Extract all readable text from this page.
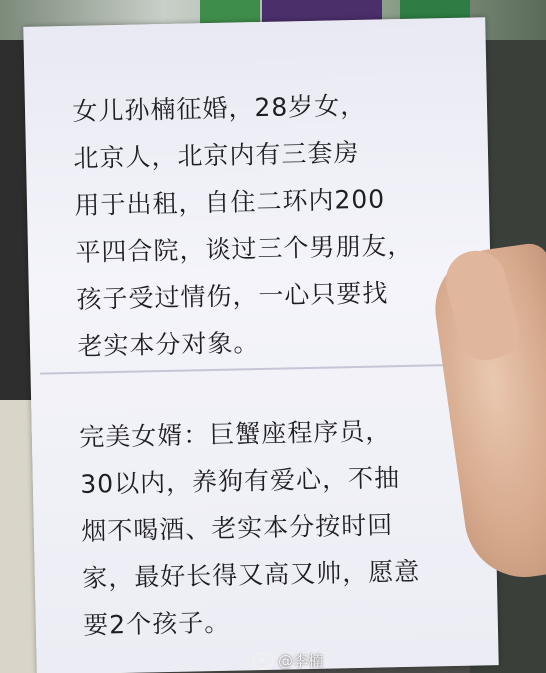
女儿孙楠征婚，28岁女，
北京人，北京内有三套房
用于出租，自住二环内200
平四合院，谈过三个男朋友，
孩子受过情伤，一心只要找
老实本分对象。
完美女婿：巨蟹座程序员，
30以内，养狗有爱心，不抽
烟不喝酒、老实本分按时回
家，最好长得又高又帅，愿意
要2个孩子。
@李楠
